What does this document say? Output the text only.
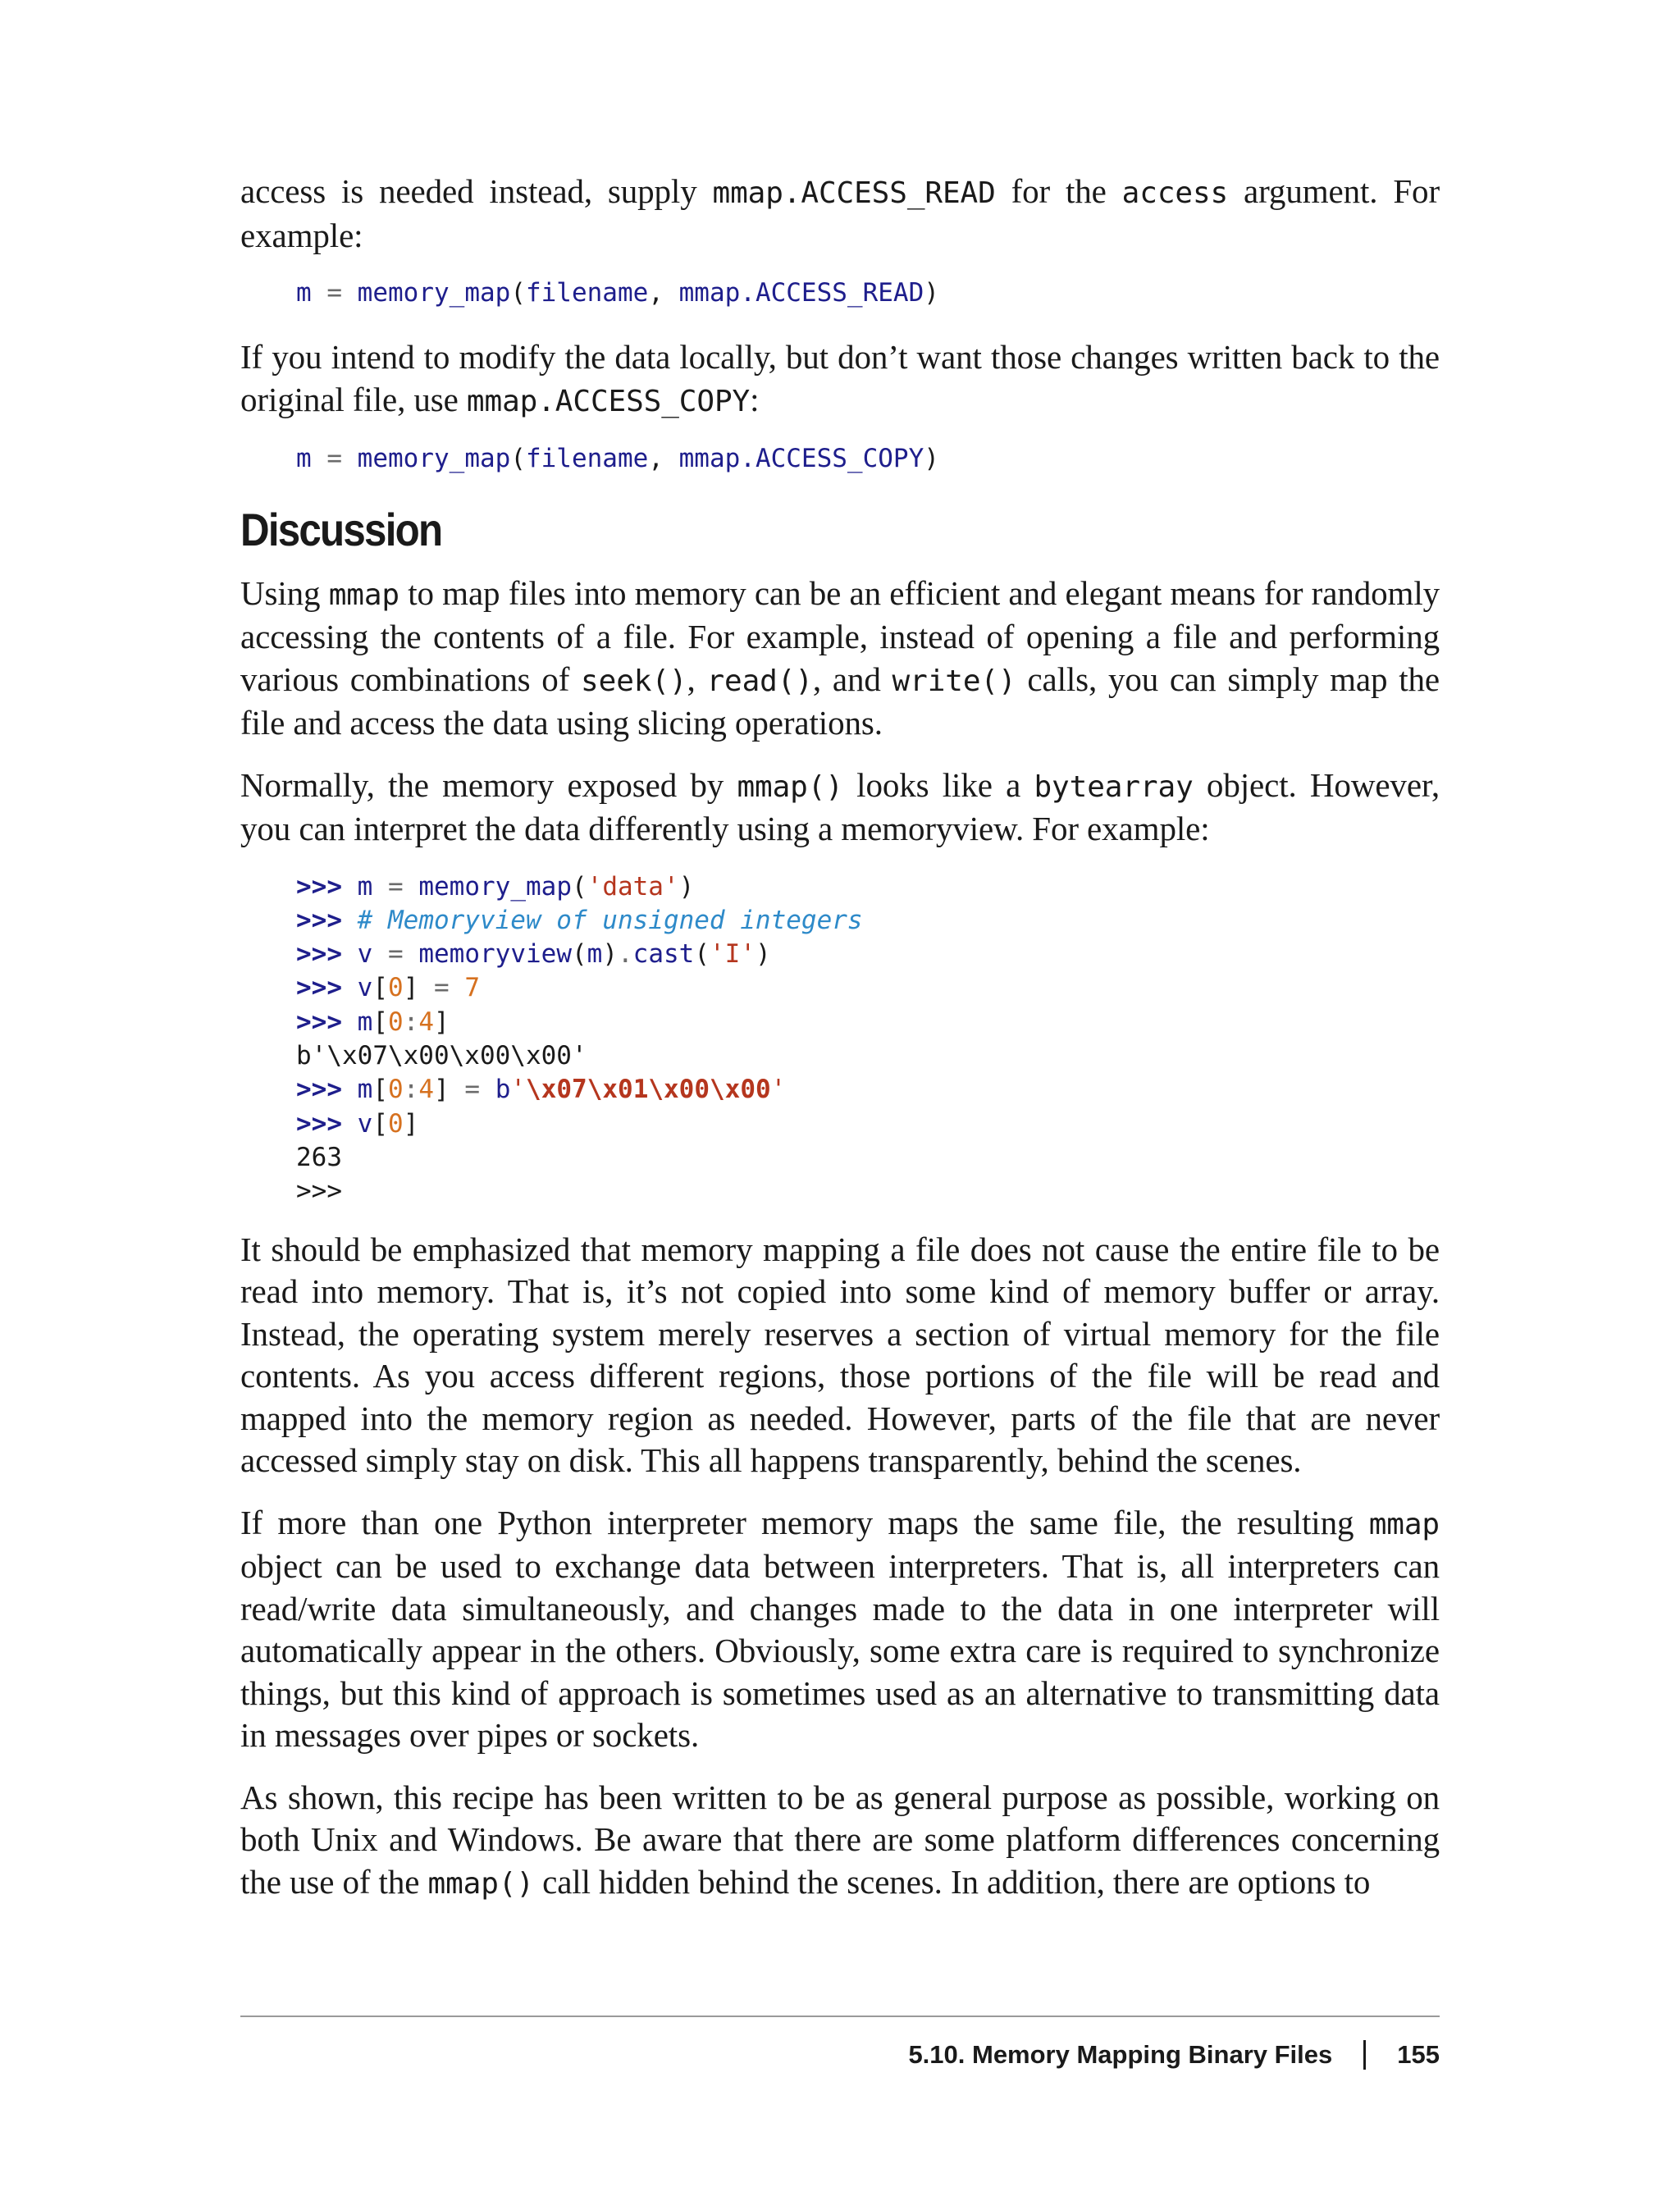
access is needed instead, supply mmap.ACCESS_READ for the access argument. For example:

m = memory_map(filename, mmap.ACCESS_READ)

If you intend to modify the data locally, but don’t want those changes written back to the original file, use mmap.ACCESS_COPY:

m = memory_map(filename, mmap.ACCESS_COPY)
Discussion

Using mmap to map files into memory can be an efficient and elegant means for randomly accessing the contents of a file. For example, instead of opening a file and performing various combinations of seek(), read(), and write() calls, you can simply map the file and access the data using slicing operations.

Normally, the memory exposed by mmap() looks like a bytearray object. However, you can interpret the data differently using a memoryview. For example:

>>> m = memory_map('data')
>>> # Memoryview of unsigned integers
>>> v = memoryview(m).cast('I')
>>> v[0] = 7
>>> m[0:4]
b'\x07\x00\x00\x00'
>>> m[0:4] = b'\x07\x01\x00\x00'
>>> v[0]
263
>>>

It should be emphasized that memory mapping a file does not cause the entire file to be read into memory. That is, it’s not copied into some kind of memory buffer or array. Instead, the operating system merely reserves a section of virtual memory for the file contents. As you access different regions, those portions of the file will be read and mapped into the memory region as needed. However, parts of the file that are never accessed simply stay on disk. This all happens transparently, behind the scenes.

If more than one Python interpreter memory maps the same file, the resulting mmap object can be used to exchange data between interpreters. That is, all interpreters can read/write data simultaneously, and changes made to the data in one interpreter will automatically appear in the others. Obviously, some extra care is required to synchronize things, but this kind of approach is sometimes used as an alternative to transmitting data in messages over pipes or sockets.

As shown, this recipe has been written to be as general purpose as possible, working on both Unix and Windows. Be aware that there are some platform differences concerning the use of the mmap() call hidden behind the scenes. In addition, there are options to

5.10. Memory Mapping Binary Files	155
